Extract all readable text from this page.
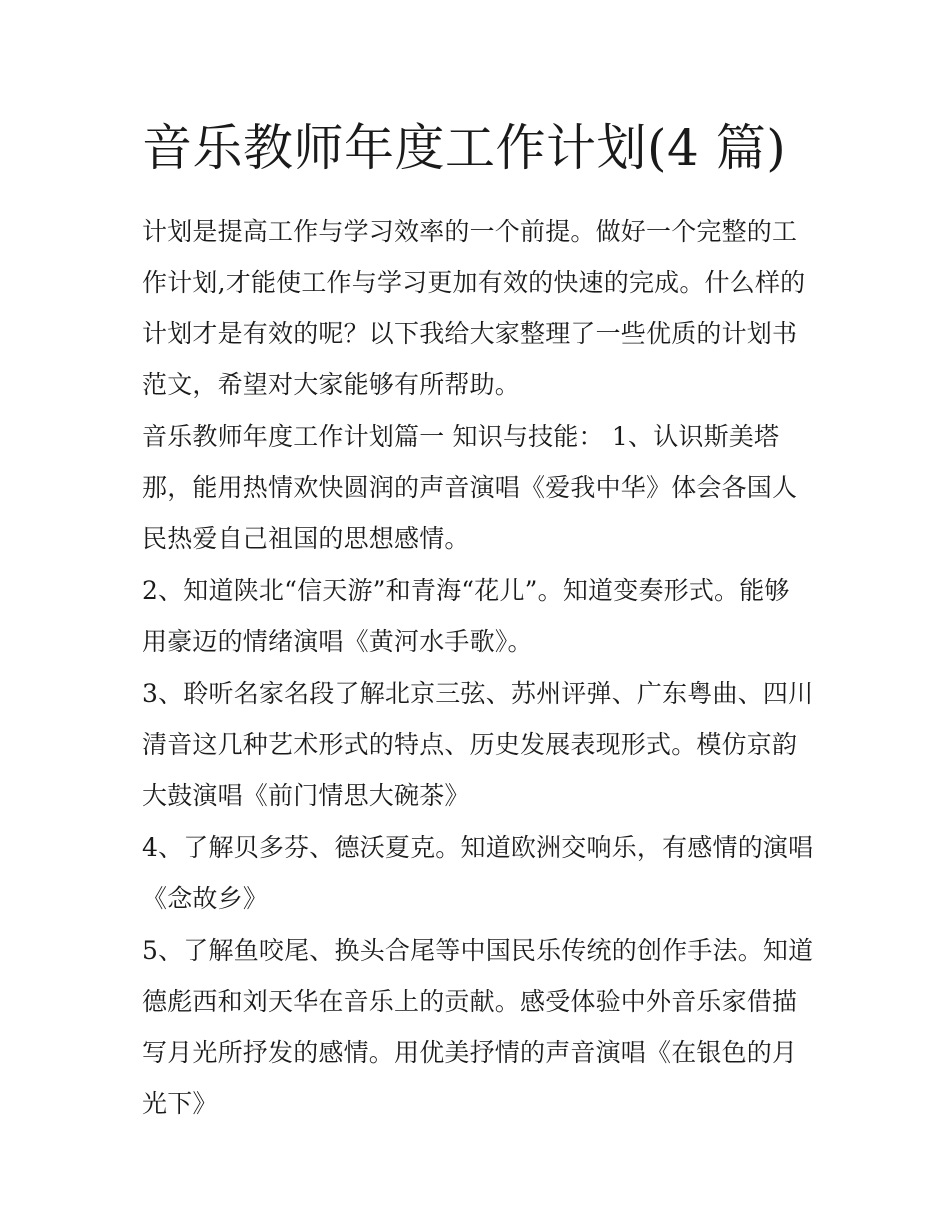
音乐教师年度工作计划(4 篇)

计划是提高工作与学习效率的一个前提。做好一个完整的工作计划,才能使工作与学习更加有效的快速的完成。什么样的计划才是有效的呢？以下我给大家整理了一些优质的计划书范文，希望对大家能够有所帮助。

音乐教师年度工作计划篇一 知识与技能： 1、认识斯美塔那，能用热情欢快圆润的声音演唱《爱我中华》体会各国人民热爱自己祖国的思想感情。

2、知道陕北“信天游”和青海“花儿”。知道变奏形式。能够用豪迈的情绪演唱《黄河水手歌》。

3、聆听名家名段了解北京三弦、苏州评弹、广东粤曲、四川清音这几种艺术形式的特点、历史发展表现形式。模仿京韵大鼓演唱《前门情思大碗茶》

4、了解贝多芬、德沃夏克。知道欧洲交响乐，有感情的演唱《念故乡》

5、了解鱼咬尾、换头合尾等中国民乐传统的创作手法。知道德彪西和刘天华在音乐上的贡献。感受体验中外音乐家借描写月光所抒发的感情。用优美抒情的声音演唱《在银色的月光下》
